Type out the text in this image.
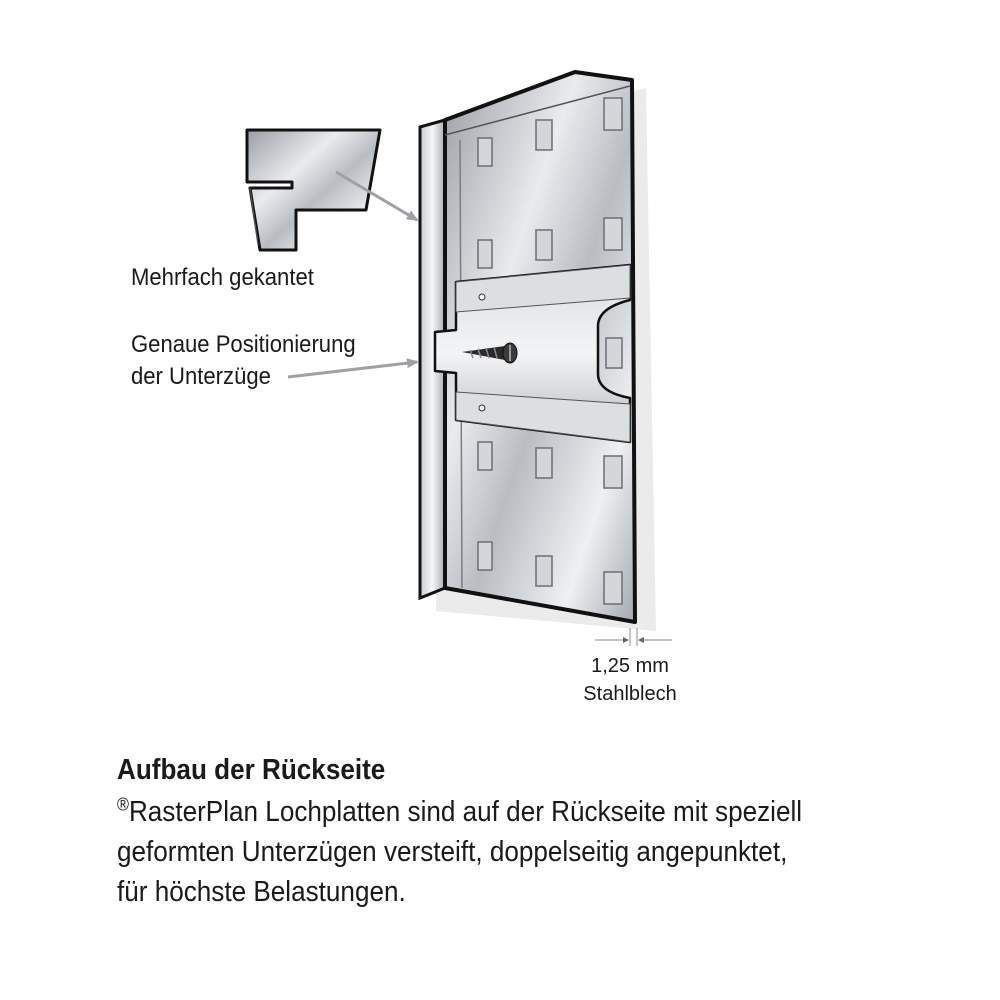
Mehrfach gekantet
Genaue Positionierung
der Unterzüge
1,25 mm
Stahlblech
Aufbau der Rückseite
®RasterPlan Lochplatten sind auf der Rückseite mit speziell
geformten Unterzügen versteift, doppelseitig angepunktet,
für höchste Belastungen.
